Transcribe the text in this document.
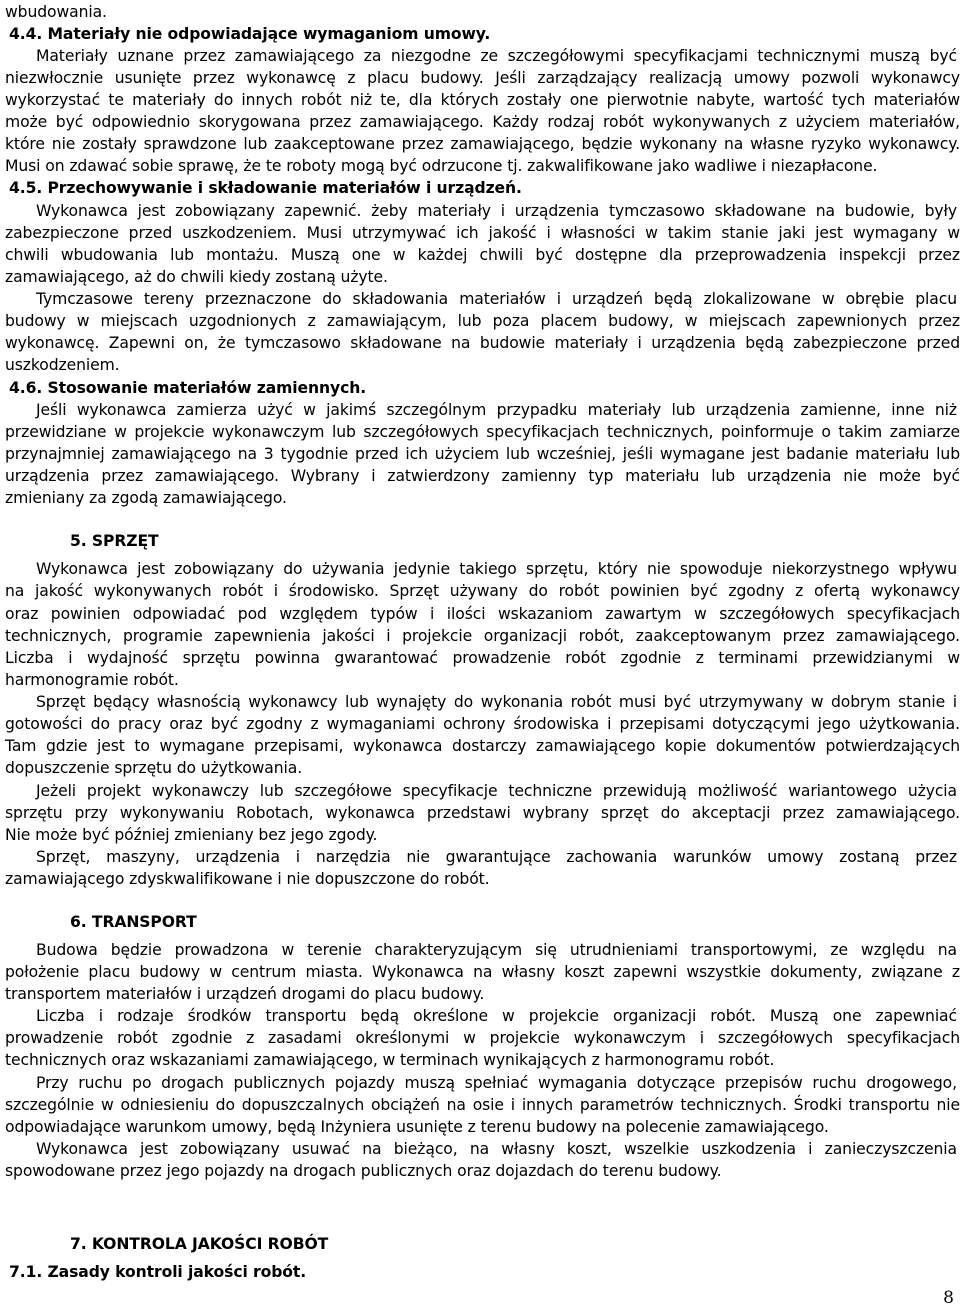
wbudowania.

4.4. Materiały nie odpowiadające wymaganiom umowy.

Materiały uznane przez zamawiającego za niezgodne ze szczegółowymi specyfikacjami technicznymi muszą być

niezwłocznie usunięte przez wykonawcę z placu budowy. Jeśli zarządzający realizacją umowy pozwoli wykonawcy

wykorzystać te materiały do innych robót niż te, dla których zostały one pierwotnie nabyte, wartość tych materiałów

może być odpowiednio skorygowana przez zamawiającego. Każdy rodzaj robót wykonywanych z użyciem materiałów,

które nie zostały sprawdzone lub zaakceptowane przez zamawiającego, będzie wykonany na własne ryzyko wykonawcy.

Musi on zdawać sobie sprawę, że te roboty mogą być odrzucone tj. zakwalifikowane jako wadliwe i niezapłacone.

4.5. Przechowywanie i składowanie materiałów i urządzeń.

Wykonawca jest zobowiązany zapewnić. żeby materiały i urządzenia tymczasowo składowane na budowie, były

zabezpieczone przed uszkodzeniem. Musi utrzymywać ich jakość i własności w takim stanie jaki jest wymagany w

chwili wbudowania lub montażu. Muszą one w każdej chwili być dostępne dla przeprowadzenia inspekcji przez

zamawiającego, aż do chwili kiedy zostaną użyte.

Tymczasowe tereny przeznaczone do składowania materiałów i urządzeń będą zlokalizowane w obrębie placu

budowy w miejscach uzgodnionych z zamawiającym, lub poza placem budowy, w miejscach zapewnionych przez

wykonawcę. Zapewni on, że tymczasowo składowane na budowie materiały i urządzenia będą zabezpieczone przed

uszkodzeniem.

4.6. Stosowanie materiałów zamiennych.

Jeśli wykonawca zamierza użyć w jakimś szczególnym przypadku materiały lub urządzenia zamienne, inne niż

przewidziane w projekcie wykonawczym lub szczegółowych specyfikacjach technicznych, poinformuje o takim zamiarze

przynajmniej zamawiającego na 3 tygodnie przed ich użyciem lub wcześniej, jeśli wymagane jest badanie materiału lub

urządzenia przez zamawiającego. Wybrany i zatwierdzony zamienny typ materiału lub urządzenia nie może być

zmieniany za zgodą zamawiającego.

5. SPRZĘT

Wykonawca jest zobowiązany do używania jedynie takiego sprzętu, który nie spowoduje niekorzystnego wpływu

na jakość wykonywanych robót i środowisko. Sprzęt używany do robót powinien być zgodny z ofertą wykonawcy

oraz powinien odpowiadać pod względem typów i ilości wskazaniom zawartym w szczegółowych specyfikacjach

technicznych, programie zapewnienia jakości i projekcie organizacji robót, zaakceptowanym przez zamawiającego.

Liczba i wydajność sprzętu powinna gwarantować prowadzenie robót zgodnie z terminami przewidzianymi w

harmonogramie robót.

Sprzęt będący własnością wykonawcy lub wynajęty do wykonania robót musi być utrzymywany w dobrym stanie i

gotowości do pracy oraz być zgodny z wymaganiami ochrony środowiska i przepisami dotyczącymi jego użytkowania.

Tam gdzie jest to wymagane przepisami, wykonawca dostarczy zamawiającego kopie dokumentów potwierdzających

dopuszczenie sprzętu do użytkowania.

Jeżeli projekt wykonawczy lub szczegółowe specyfikacje techniczne przewidują możliwość wariantowego użycia

sprzętu przy wykonywaniu Robotach, wykonawca przedstawi wybrany sprzęt do akceptacji przez zamawiającego.

Nie może być później zmieniany bez jego zgody.

Sprzęt, maszyny, urządzenia i narzędzia nie gwarantujące zachowania warunków umowy zostaną przez

zamawiającego zdyskwalifikowane i nie dopuszczone do robót.

6. TRANSPORT

Budowa będzie prowadzona w terenie charakteryzującym się utrudnieniami transportowymi, ze względu na

położenie placu budowy w centrum miasta. Wykonawca na własny koszt zapewni wszystkie dokumenty, związane z

transportem materiałów i urządzeń drogami do placu budowy.

Liczba i rodzaje środków transportu będą określone w projekcie organizacji robót. Muszą one zapewniać

prowadzenie robót zgodnie z zasadami określonymi w projekcie wykonawczym i szczegółowych specyfikacjach

technicznych oraz wskazaniami zamawiającego, w terminach wynikających z harmonogramu robót.

Przy ruchu po drogach publicznych pojazdy muszą spełniać wymagania dotyczące przepisów ruchu drogowego,

szczególnie w odniesieniu do dopuszczalnych obciążeń na osie i innych parametrów technicznych. Środki transportu nie

odpowiadające warunkom umowy, będą Inżyniera usunięte z terenu budowy na polecenie zamawiającego.

Wykonawca jest zobowiązany usuwać na bieżąco, na własny koszt, wszelkie uszkodzenia i zanieczyszczenia

spowodowane przez jego pojazdy na drogach publicznych oraz dojazdach do terenu budowy.

7. KONTROLA JAKOŚCI ROBÓT

7.1. Zasady kontroli jakości robót.

8
